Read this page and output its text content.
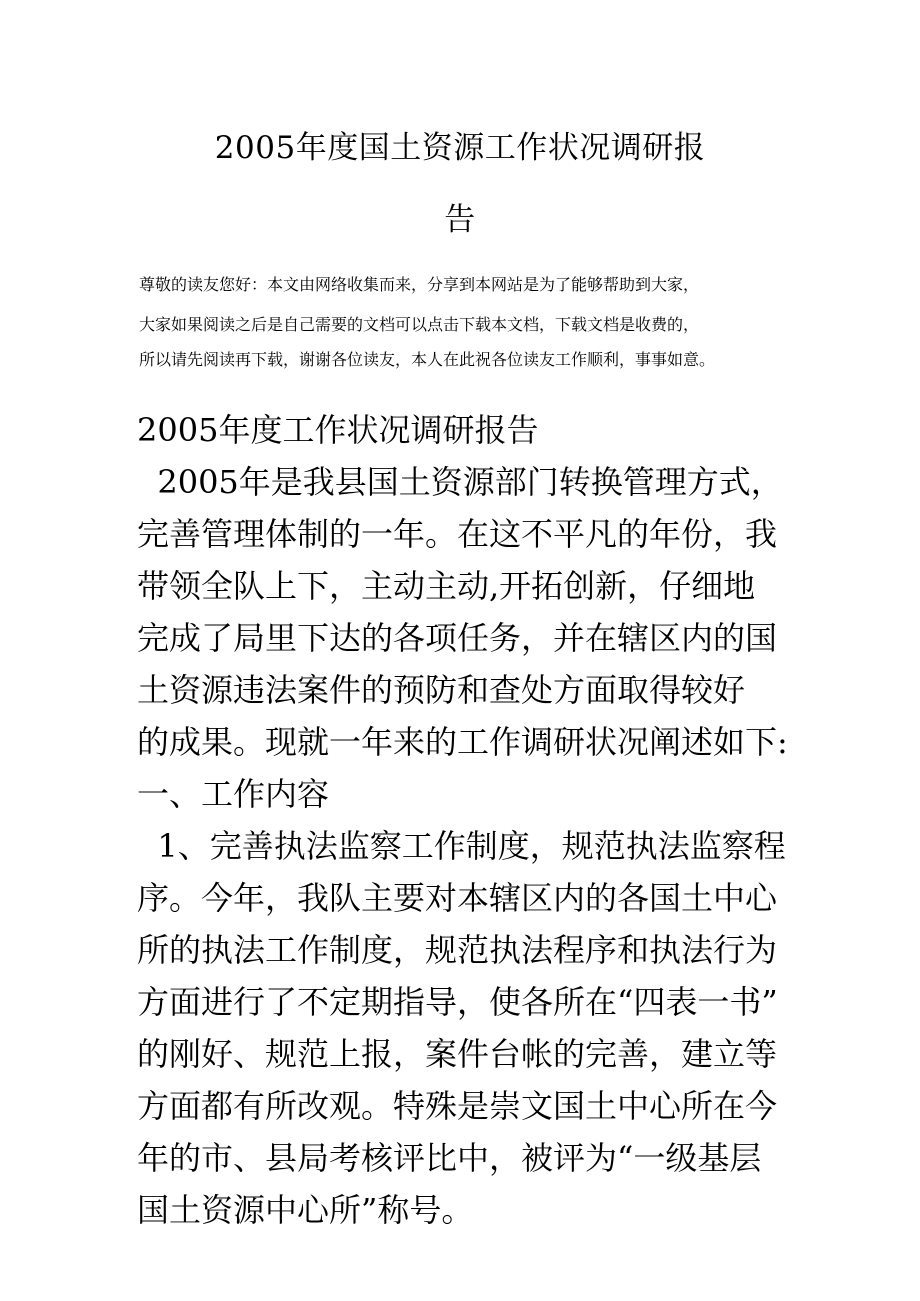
2005年度国土资源工作状况调研报
告
尊敬的读友您好：本文由网络收集而来，分享到本网站是为了能够帮助到大家，
大家如果阅读之后是自己需要的文档可以点击下载本文档，下载文档是收费的，
所以请先阅读再下载，谢谢各位读友，本人在此祝各位读友工作顺利，事事如意。
2005年度工作状况调研报告
2005年是我县国土资源部门转换管理方式，
完善管理体制的一年。在这不平凡的年份，我
带领全队上下，主动主动,开拓创新，仔细地
完成了局里下达的各项任务，并在辖区内的国
土资源违法案件的预防和查处方面取得较好
的成果。现就一年来的工作调研状况阐述如下:
一、工作内容
1、完善执法监察工作制度，规范执法监察程
序。今年，我队主要对本辖区内的各国土中心
所的执法工作制度，规范执法程序和执法行为
方面进行了不定期指导，使各所在“四表一书”
的刚好、规范上报，案件台帐的完善，建立等
方面都有所改观。特殊是崇文国土中心所在今
年的市、县局考核评比中，被评为“一级基层
国土资源中心所”称号。
